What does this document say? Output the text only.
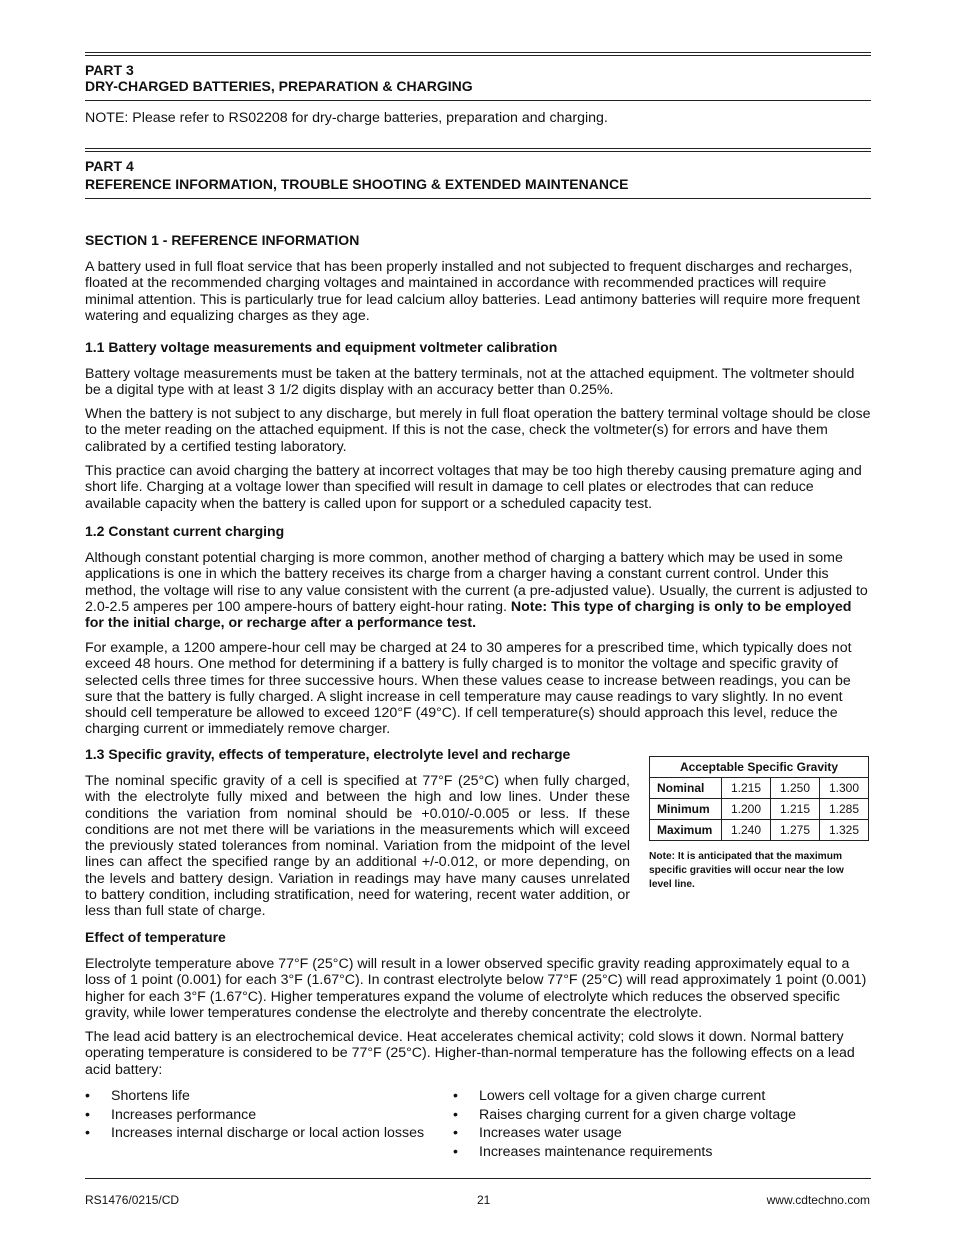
PART 3
DRY-CHARGED BATTERIES, PREPARATION & CHARGING
NOTE: Please refer to RS02208 for dry-charge batteries, preparation and charging.
PART 4
REFERENCE INFORMATION, TROUBLE SHOOTING & EXTENDED MAINTENANCE
SECTION 1 - REFERENCE INFORMATION
A battery used in full float service that has been properly installed and not subjected to frequent discharges and recharges, floated at the recommended charging voltages and maintained in accordance with recommended practices will require minimal attention. This is particularly true for lead calcium alloy batteries. Lead antimony batteries will require more frequent watering and equalizing charges as they age.
1.1 Battery voltage measurements and equipment voltmeter calibration
Battery voltage measurements must be taken at the battery terminals, not at the attached equipment. The voltmeter should be a digital type with at least 3 1/2 digits display with an accuracy better than 0.25%.
When the battery is not subject to any discharge, but merely in full float operation the battery terminal voltage should be close to the meter reading on the attached equipment. If this is not the case, check the voltmeter(s) for errors and have them calibrated by a certified testing laboratory.
This practice can avoid charging the battery at incorrect voltages that may be too high thereby causing premature aging and short life. Charging at a voltage lower than specified will result in damage to cell plates or electrodes that can reduce available capacity when the battery is called upon for support or a scheduled capacity test.
1.2 Constant current charging
Although constant potential charging is more common, another method of charging a battery which may be used in some applications is one in which the battery receives its charge from a charger having a constant current control. Under this method, the voltage will rise to any value consistent with the current (a pre-adjusted value). Usually, the current is adjusted to 2.0-2.5 amperes per 100 ampere-hours of battery eight-hour rating. Note: This type of charging is only to be employed for the initial charge, or recharge after a performance test.
For example, a 1200 ampere-hour cell may be charged at 24 to 30 amperes for a prescribed time, which typically does not exceed 48 hours. One method for determining if a battery is fully charged is to monitor the voltage and specific gravity of selected cells three times for three successive hours. When these values cease to increase between readings, you can be sure that the battery is fully charged. A slight increase in cell temperature may cause readings to vary slightly. In no event should cell temperature be allowed to exceed 120°F (49°C). If cell temperature(s) should approach this level, reduce the charging current or immediately remove charger.
1.3 Specific gravity, effects of temperature, electrolyte level and recharge
The nominal specific gravity of a cell is specified at 77°F (25°C) when fully charged, with the electrolyte fully mixed and between the high and low lines. Under these conditions the variation from nominal should be +0.010/-0.005 or less. If these conditions are not met there will be variations in the measurements which will exceed the previously stated tolerances from nominal. Variation from the midpoint of the level lines can affect the specified range by an additional +/-0.012, or more depending, on the levels and battery design. Variation in readings may have many causes unrelated to battery condition, including stratification, need for watering, recent water addition, or less than full state of charge.
Acceptable Specific Gravity			
Nominal	1.215	1.250	1.300
Minimum	1.200	1.215	1.285
Maximum	1.240	1.275	1.325
Note: It is anticipated that the maximum specific gravities will occur near the low level line.
Effect of temperature
Electrolyte temperature above 77°F (25°C) will result in a lower observed specific gravity reading approximately equal to a loss of 1 point (0.001) for each 3°F (1.67°C). In contrast electrolyte below 77°F (25°C) will read approximately 1 point (0.001) higher for each 3°F (1.67°C). Higher temperatures expand the volume of electrolyte which reduces the observed specific gravity, while lower temperatures condense the electrolyte and thereby concentrate the electrolyte.
The lead acid battery is an electrochemical device. Heat accelerates chemical activity; cold slows it down. Normal battery operating temperature is considered to be 77°F (25°C). Higher-than-normal temperature has the following effects on a lead acid battery:
• Shortens life
• Increases performance
• Increases internal discharge or local action losses
• Lowers cell voltage for a given charge current
• Raises charging current for a given charge voltage
• Increases water usage
• Increases maintenance requirements
RS1476/0215/CD	21	www.cdtechno.com
